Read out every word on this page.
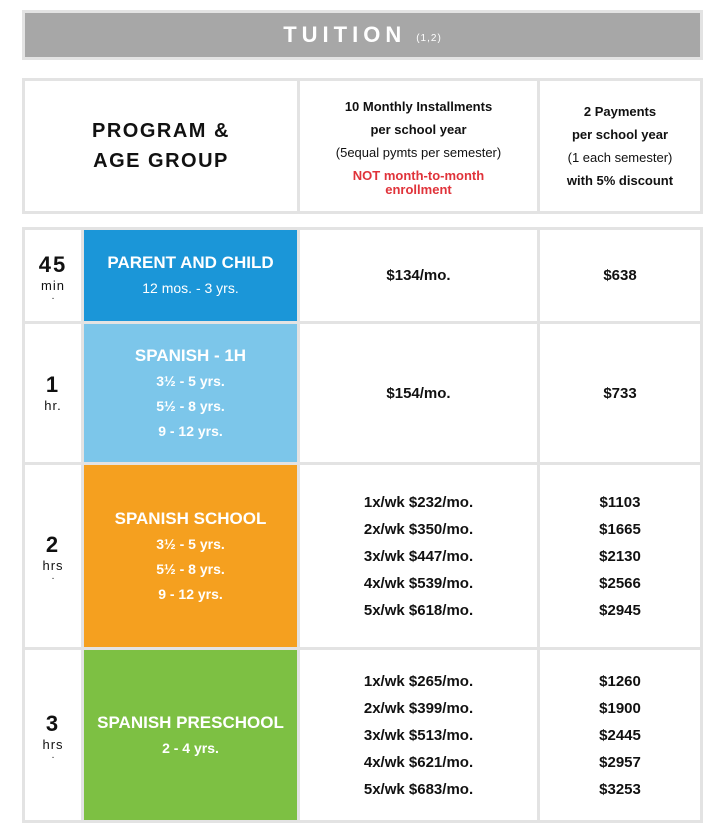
TUITION (1,2)
PROGRAM &
AGE GROUP
10 Monthly Installments
per school year
(5equal pymts per semester)
NOT month-to-month
enrollment
2 Payments
per school year
(1 each semester)
with 5% discount
45
min
.
PARENT AND CHILD
12 mos. - 3 yrs.
$134/mo.	$638
1
hr.
SPANISH - 1H
3½ - 5 yrs.
5½ - 8 yrs.
9 - 12 yrs.
$154/mo.	$733
2
hrs
.
SPANISH SCHOOL
3½ - 5 yrs.
5½ - 8 yrs.
9 - 12 yrs.
1x/wk $232/mo.
2x/wk $350/mo.
3x/wk $447/mo.
4x/wk $539/mo.
5x/wk $618/mo.
$1103
$1665
$2130
$2566
$2945
3
hrs
.
SPANISH PRESCHOOL
2 - 4 yrs.
1x/wk $265/mo.
2x/wk $399/mo.
3x/wk $513/mo.
4x/wk $621/mo.
5x/wk $683/mo.
$1260
$1900
$2445
$2957
$3253
